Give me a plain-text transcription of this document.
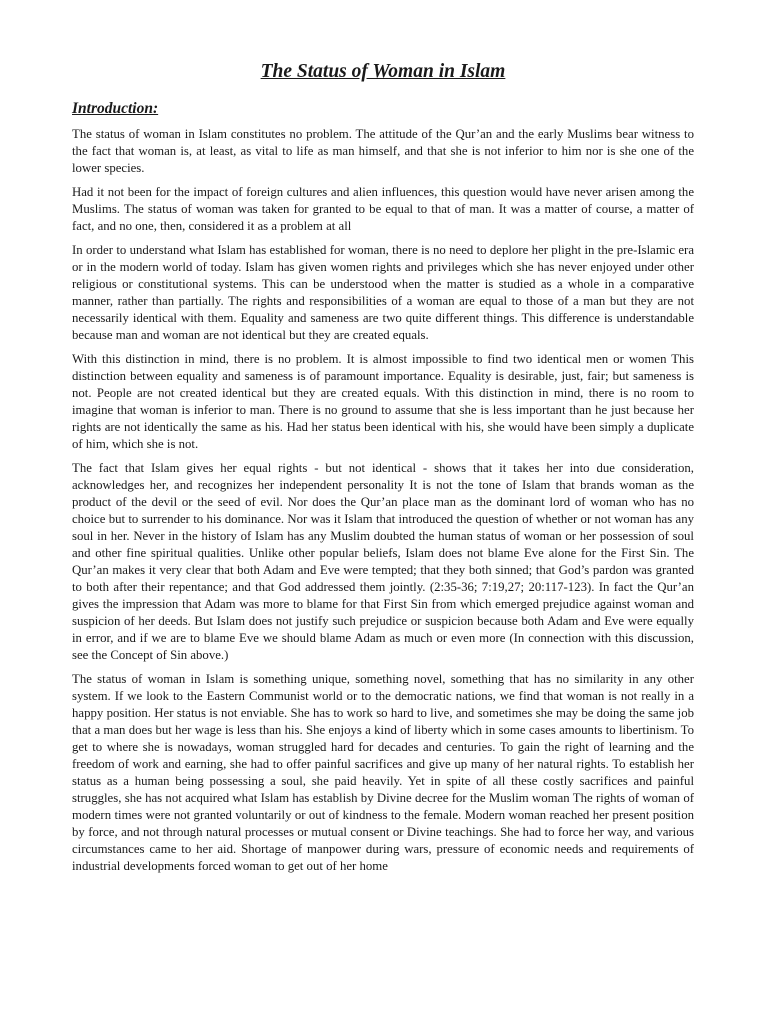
The Status of Woman in Islam
Introduction:

The status of woman in Islam constitutes no problem. The attitude of the Qur’an and the early Muslims bear witness to the fact that woman is, at least, as vital to life as man himself, and that she is not inferior to him nor is she one of the lower species.

Had it not been for the impact of foreign cultures and alien influences, this question would have never arisen among the Muslims. The status of woman was taken for granted to be equal to that of man. It was a matter of course, a matter of fact, and no one, then, considered it as a problem at all

In order to understand what Islam has established for woman, there is no need to deplore her plight in the pre-Islamic era or in the modern world of today. Islam has given women rights and privileges which she has never enjoyed under other religious or constitutional systems. This can be understood when the matter is studied as a whole in a comparative manner, rather than partially. The rights and responsibilities of a woman are equal to those of a man but they are not necessarily identical with them. Equality and sameness are two quite different things. This difference is understandable because man and woman are not identical but they are created equals.

With this distinction in mind, there is no problem. It is almost impossible to find two identical men or women This distinction between equality and sameness is of paramount importance. Equality is desirable, just, fair; but sameness is not. People are not created identical but they are created equals. With this distinction in mind, there is no room to imagine that woman is inferior to man. There is no ground to assume that she is less important than he just because her rights are not identically the same as his. Had her status been identical with his, she would have been simply a duplicate of him, which she is not.

The fact that Islam gives her equal rights - but not identical - shows that it takes her into due consideration, acknowledges her, and recognizes her independent personality It is not the tone of Islam that brands woman as the product of the devil or the seed of evil. Nor does the Qur’an place man as the dominant lord of woman who has no choice but to surrender to his dominance. Nor was it Islam that introduced the question of whether or not woman has any soul in her. Never in the history of Islam has any Muslim doubted the human status of woman or her possession of soul and other fine spiritual qualities. Unlike other popular beliefs, Islam does not blame Eve alone for the First Sin. The Qur’an makes it very clear that both Adam and Eve were tempted; that they both sinned; that God’s pardon was granted to both after their repentance; and that God addressed them jointly. (2:35-36; 7:19,27; 20:117-123). In fact the Qur’an gives the impression that Adam was more to blame for that First Sin from which emerged prejudice against woman and suspicion of her deeds. But Islam does not justify such prejudice or suspicion because both Adam and Eve were equally in error, and if we are to blame Eve we should blame Adam as much or even more (In connection with this discussion, see the Concept of Sin above.)

The status of woman in Islam is something unique, something novel, something that has no similarity in any other system. If we look to the Eastern Communist world or to the democratic nations, we find that woman is not really in a happy position. Her status is not enviable. She has to work so hard to live, and sometimes she may be doing the same job that a man does but her wage is less than his. She enjoys a kind of liberty which in some cases amounts to libertinism. To get to where she is nowadays, woman struggled hard for decades and centuries. To gain the right of learning and the freedom of work and earning, she had to offer painful sacrifices and give up many of her natural rights. To establish her status as a human being possessing a soul, she paid heavily. Yet in spite of all these costly sacrifices and painful struggles, she has not acquired what Islam has establish by Divine decree for the Muslim woman The rights of woman of modern times were not granted voluntarily or out of kindness to the female. Modern woman reached her present position by force, and not through natural processes or mutual consent or Divine teachings. She had to force her way, and various circumstances came to her aid. Shortage of manpower during wars, pressure of economic needs and requirements of industrial developments forced woman to get out of her home
